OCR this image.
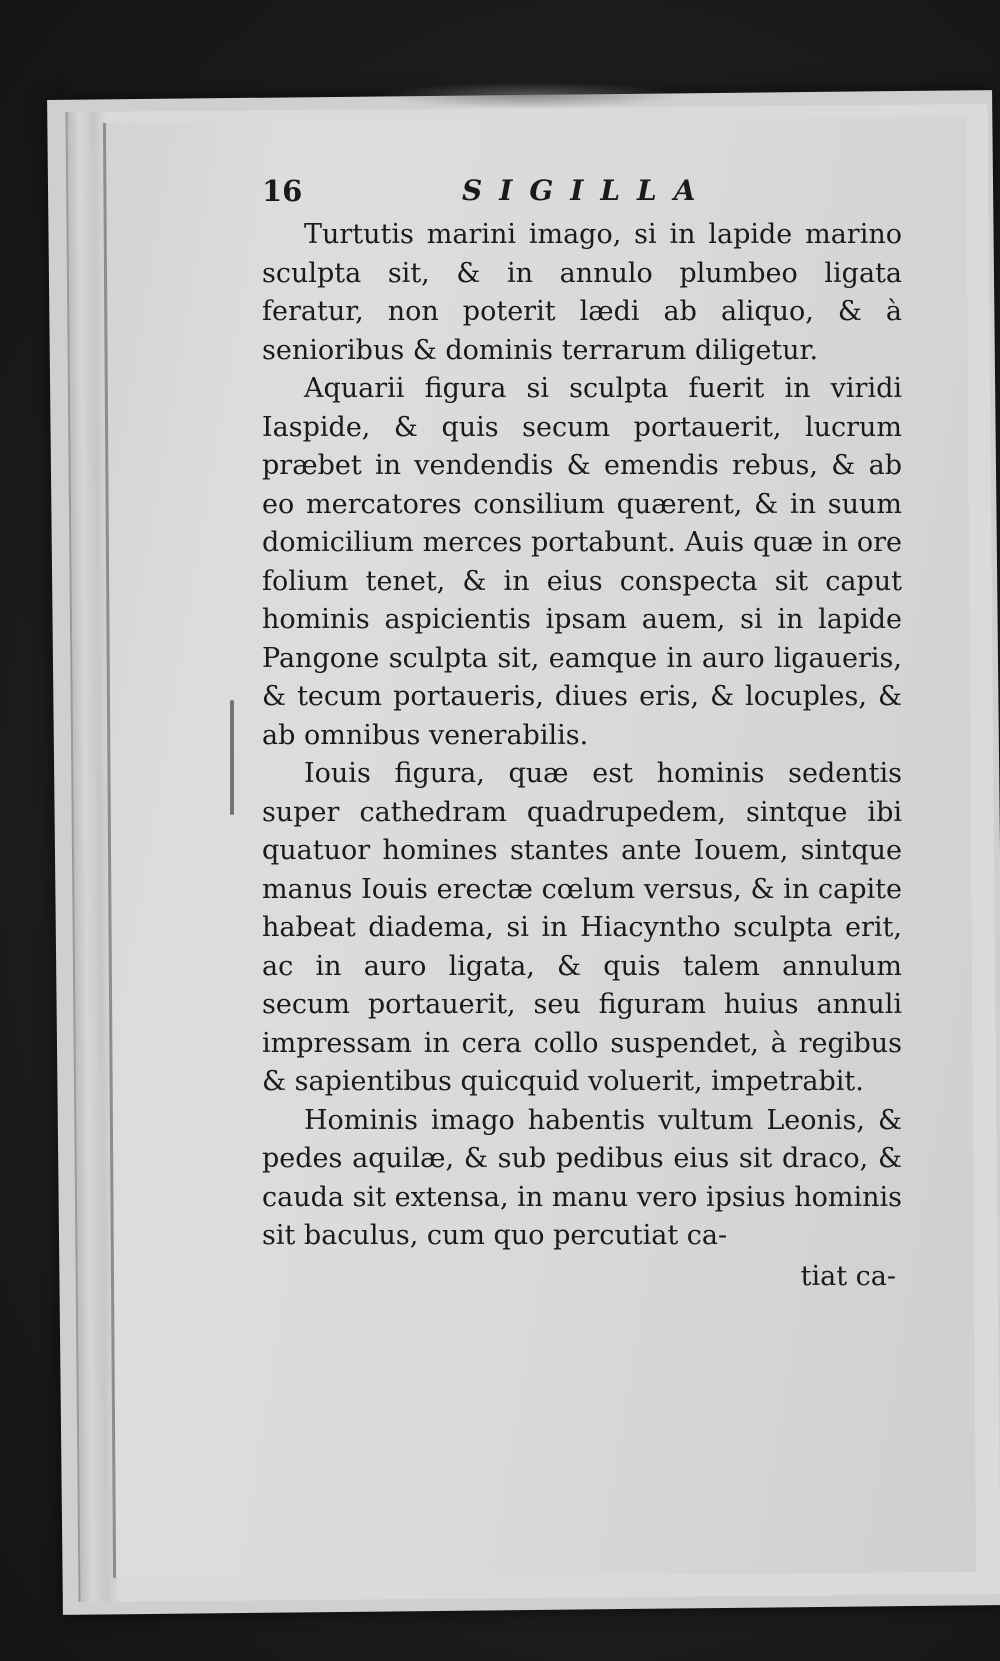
16	SIGILLA

Turtutis marini imago, si in lapide marino sculpta sit, & in annulo plumbeo ligata feratur, non poterit lædi ab aliquo, & à senioribus & dominis terrarum diligetur.

Aquarii figura si sculpta fuerit in viridi Iaspide, & quis secum portauerit, lucrum præbet in vendendis & emendis rebus, & ab eo mercatores consilium quærent, & in suum domicilium merces portabunt. Auis quæ in ore folium tenet, & in eius conspecta sit caput hominis aspicientis ipsam auem, si in lapide Pangone sculpta sit, eamque in auro ligaueris, & tecum portaueris, diues eris, & locuples, & ab omnibus venerabilis.

Iouis figura, quæ est hominis sedentis super cathedram quadrupedem, sintque ibi quatuor homines stantes ante Iouem, sintque manus Iouis erectæ cœlum versus, & in capite habeat diadema, si in Hiacyntho sculpta erit, ac in auro ligata, & quis talem annulum secum portauerit, seu figuram huius annuli impressam in cera collo suspendet, à regibus & sapientibus quicquid voluerit, impetrabit.

Hominis imago habentis vultum Leonis, & pedes aquilæ, & sub pedibus eius sit draco, & cauda sit extensa, in manu vero ipsius hominis sit baculus, cum quo percutiat ca-

tiat ca-
